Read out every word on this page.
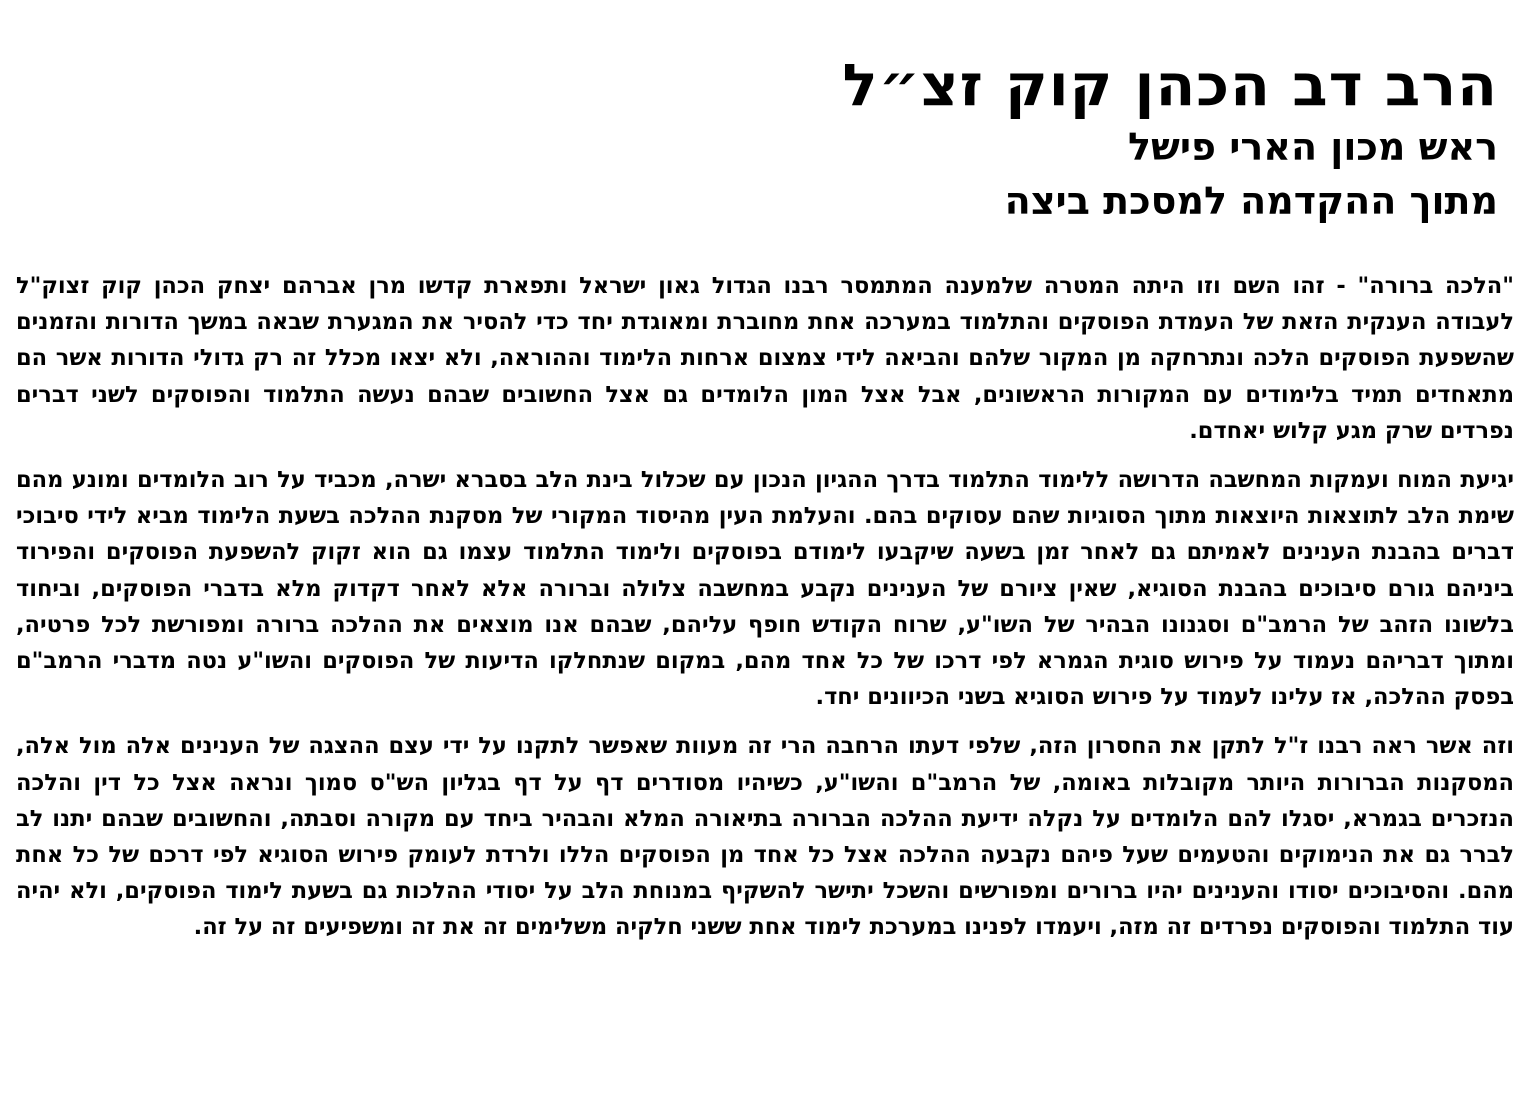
הרב דב הכהן קוק זצ״ל
ראש מכון הארי פישל
מתוך ההקדמה למסכת ביצה

"הלכה ברורה" - זהו השם וזו היתה המטרה שלמענה המתמסר רבנו הגדול גאון ישראל ותפארת קדשו מרן אברהם יצחק הכהן קוק זצוק"ל לעבודה הענקית הזאת של העמדת הפוסקים והתלמוד במערכה אחת מחוברת ומאוגדת יחד כדי להסיר את המגערת שבאה במשך הדורות והזמנים שהשפעת הפוסקים הלכה ונתרחקה מן המקור שלהם והביאה לידי צמצום ארחות הלימוד וההוראה, ולא יצאו מכלל זה רק גדולי הדורות אשר הם מתאחדים תמיד בלימודים עם המקורות הראשונים, אבל אצל המון הלומדים גם אצל החשובים שבהם נעשה התלמוד והפוסקים לשני דברים נפרדים שרק מגע קלוש יאחדם.

יגיעת המוח ועמקות המחשבה הדרושה ללימוד התלמוד בדרך ההגיון הנכון עם שכלול בינת הלב בסברא ישרה, מכביד על רוב הלומדים ומונע מהם שימת הלב לתוצאות היוצאות מתוך הסוגיות שהם עסוקים בהם. והעלמת העין מהיסוד המקורי של מסקנת ההלכה בשעת הלימוד מביא לידי סיבוכי דברים בהבנת הענינים לאמיתם גם לאחר זמן בשעה שיקבעו לימודם בפוסקים ולימוד התלמוד עצמו גם הוא זקוק להשפעת הפוסקים והפירוד ביניהם גורם סיבוכים בהבנת הסוגיא, שאין ציורם של הענינים נקבע במחשבה צלולה וברורה אלא לאחר דקדוק מלא בדברי הפוסקים, וביחוד בלשונו הזהב של הרמב"ם וסגנונו הבהיר של השו"ע, שרוח הקודש חופף עליהם, שבהם אנו מוצאים את ההלכה ברורה ומפורשת לכל פרטיה, ומתוך דבריהם נעמוד על פירוש סוגית הגמרא לפי דרכו של כל אחד מהם, במקום שנתחלקו הדיעות של הפוסקים והשו"ע נטה מדברי הרמב"ם בפסק ההלכה, אז עלינו לעמוד על פירוש הסוגיא בשני הכיוונים יחד.

וזה אשר ראה רבנו ז"ל לתקן את החסרון הזה, שלפי דעתו הרחבה הרי זה מעוות שאפשר לתקנו על ידי עצם ההצגה של הענינים אלה מול אלה, המסקנות הברורות היותר מקובלות באומה, של הרמב"ם והשו"ע, כשיהיו מסודרים דף על דף בגליון הש"ס סמוך ונראה אצל כל דין והלכה הנזכרים בגמרא, יסגלו להם הלומדים על נקלה ידיעת ההלכה הברורה בתיאורה המלא והבהיר ביחד עם מקורה וסבתה, והחשובים שבהם יתנו לב לברר גם את הנימוקים והטעמים שעל פיהם נקבעה ההלכה אצל כל אחד מן הפוסקים הללו ולרדת לעומק פירוש הסוגיא לפי דרכם של כל אחת מהם. והסיבוכים יסודו והענינים יהיו ברורים ומפורשים והשכל יתישר להשקיף במנוחת הלב על יסודי ההלכות גם בשעת לימוד הפוסקים, ולא יהיה עוד התלמוד והפוסקים נפרדים זה מזה, ויעמדו לפנינו במערכת לימוד אחת ששני חלקיה משלימים זה את זה ומשפיעים זה על זה.
